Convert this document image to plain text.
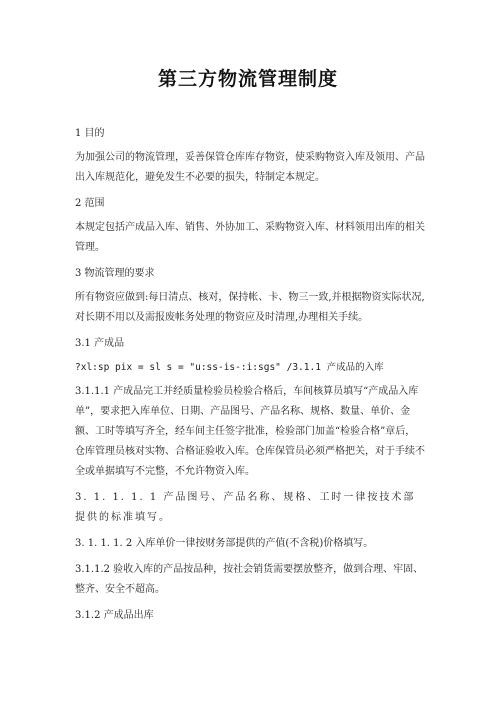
第三方物流管理制度
1 目的
为加强公司的物流管理，妥善保管仓库库存物资，使采购物资入库及领用、产品出入库规范化，避免发生不必要的损失，特制定本规定。
2 范围
本规定包括产成品入库、销售、外协加工、采购物资入库、材料领用出库的相关管理。
3 物流管理的要求
所有物资应做到:每日清点、核对，保持帐、卡、物三一致,并根据物资实际状况,对长期不用以及需报废帐务处理的物资应及时清理,办理相关手续。
3.1 产成品
?xl:sp pix = sl s = "u:ss-is-:i:sgs" /3.1.1 产成品的入库
3.1.1.1 产成品完工并经质量检验员检验合格后，车间核算员填写“产成品入库单”，要求把入库单位、日期、产品图号、产品名称、规格、数量、单价、金额、工时等填写齐全，经车间主任签字批准，检验部门加盖“检验合格”章后，仓库管理员核对实物、合格证验收入库。仓库保管员必须严格把关，对于手续不全或单据填写不完整，不允许物资入库。
3. 1. 1. 1. 1 产品图号、产品名称、规格、工时一律按技术部提供的标准填写。
3. 1. 1. 1. 2 入库单价一律按财务部提供的产值(不含税)价格填写。
3.1.1.2 验收入库的产品按品种，按社会销货需要摆放整齐，做到合理、牢固、整齐、安全不超高。
3.1.2 产成品出库
